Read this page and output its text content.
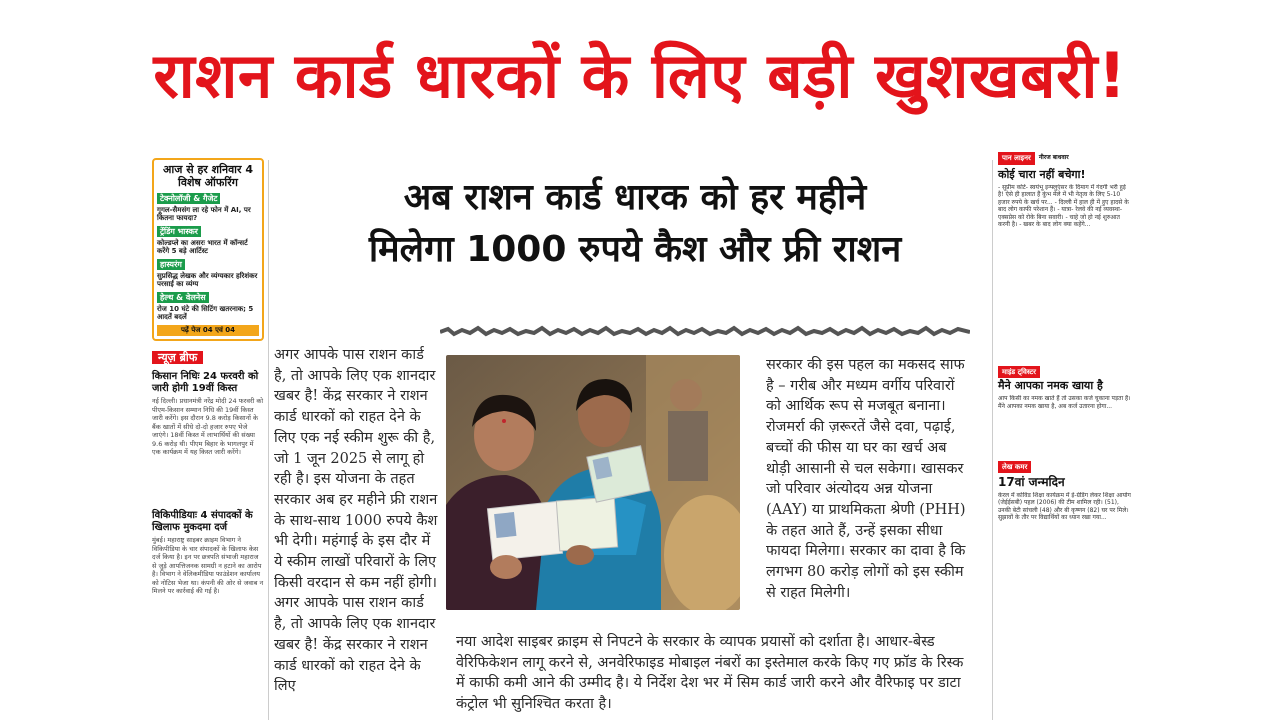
राशन कार्ड धारकों के लिए बड़ी खुशखबरी!
आज से हर शनिवार 4 विशेष ऑफरिंग
टेक्नोलॉजी & गैजेट
गूगल-सैमसंग ला रहे फोन में AI, पर कितना फायदा?
ट्रेंडिंग भास्कर
कोल्डप्ले का असरः भारत में कॉन्सर्ट करेंगे 5 बड़े आर्टिस्ट
हास्यरंग
सुप्रसिद्ध लेखक और व्यंग्यकार हरिशंकर परसाई का व्यंग्य
हेल्थ & वेलनेस
रोज 10 घंटे की सिटिंग खतरनाक; 5 आदतें बदलें
पढ़ें पेज 04 एवं 04
न्यूज़ ब्रीफ
किसान निधिः 24 फरवरी को जारी होगी 19वीं किस्त
नई दिल्ली। प्रधानमंत्री नरेंद्र मोदी 24 फरवरी को पीएम-किसान सम्मान निधि की 19वीं किस्त जारी करेंगे। इस दौरान 9.8 करोड़ किसानों के बैंक खातों में सीधे दो-दो हजार रुपए भेजे जाएंगे। 18वीं किस्त में लाभार्थियों की संख्या 9.6 करोड़ थी। पीएम बिहार के भागलपुर में एक कार्यक्रम में यह किस्त जारी करेंगे।
विकिपीडियाः 4 संपादकों के खिलाफ मुकदमा दर्ज
मुंबई। महाराष्ट्र साइबर क्राइम विभाग ने विकिपीडिया के चार संपादकों के खिलाफ केस दर्ज किया है। इन पर छत्रपति संभाजी महाराज से जुड़े आपत्तिजनक सामग्री न हटाने का आरोप है। विभाग ने वेलिकमीडिया फाउंडेशन कार्यालय को नोटिस भेजा था। कंपनी की ओर से जवाब न मिलने पर कार्रवाई की गई है।
अब राशन कार्ड धारक को हर महीने
मिलेगा 1000 रुपये कैश और फ्री राशन
अगर आपके पास राशन कार्ड है, तो आपके लिए एक शानदार खबर है! केंद्र सरकार ने राशन कार्ड धारकों को राहत देने के लिए एक नई स्कीम शुरू की है, जो 1 जून 2025 से लागू हो रही है। इस योजना के तहत सरकार अब हर महीने फ्री राशन के साथ-साथ 1000 रुपये कैश भी देगी। महंगाई के इस दौर में ये स्कीम लाखों परिवारों के लिए किसी वरदान से कम नहीं होगी। अगर आपके पास राशन कार्ड है, तो आपके लिए एक शानदार खबर है! केंद्र सरकार ने राशन कार्ड धारकों को राहत देने के लिए
सरकार की इस पहल का मकसद साफ है – गरीब और मध्यम वर्गीय परिवारों को आर्थिक रूप से मजबूत बनाना। रोजमर्रा की ज़रूरतें जैसे दवा, पढ़ाई, बच्चों की फीस या घर का खर्च अब थोड़ी आसानी से चल सकेगा। खासकर जो परिवार अंत्योदय अन्न योजना (AAY) या प्राथमिकता श्रेणी (PHH) के तहत आते हैं, उन्हें इसका सीधा फायदा मिलेगा। सरकार का दावा है कि लगभग 80 करोड़ लोगों को इस स्कीम से राहत मिलेगी।
नया आदेश साइबर क्राइम से निपटने के सरकार के व्यापक प्रयासों को दर्शाता है। आधार-बेस्ड वेरिफिकेशन लागू करने से, अनवेरिफाइड मोबाइल नंबरों का इस्तेमाल करके किए गए फ्रॉड के रिस्क में काफी कमी आने की उम्मीद है। ये निर्देश देश भर में सिम कार्ड जारी करने और वैरिफाइ पर डाटा कंट्रोल भी सुनिश्चित करता है।
पान लाइनर	नीरज बाधवार
कोई चारा नहीं बचेगा!
- सुप्रीम कोर्ट- स्वयंभू इन्फ्लुएंसर के दिमाग में गंदगी भरी हुई है! ऐसे ही हालात हैं कुंभ मेले में भी नेतृत्व के लिए 5-10 हजार रुपये के खर्च पर... - दिल्ली में हाल ही में हुए हादसे के बाद लोग काफी परेशान हैं। - यात्रा- रेलवे की नई व्यवस्था- एक्सप्रेस को रोके बिना सवारी। - चाहे जो हो नई शुरुआत करनी है। - खबर के बाद लोग क्या कहेंगे...
माइंड ट्विस्टर
मैने आपका नमक खाया है
आप किसी का नमक खाते हैं तो उसका कर्ज चुकाना पड़ता है। मैंने आपका नमक खाया है, अब कर्ज उतारना होगा...
लेख कमर
17वां जन्मदिन
केरल में कोविड शिक्षा कार्यक्रम में ई-ग्रेडिंग लेकर शिक्षा आयोग (जेईईसबी) पहल (2006) की टीम शामिल रही। (51), उनकी बेटी सांचली (48) और बी कृष्णन (82) घर पर मिले। सुझावों के तौर पर विद्यार्थियों का ध्यान रखा गया...
